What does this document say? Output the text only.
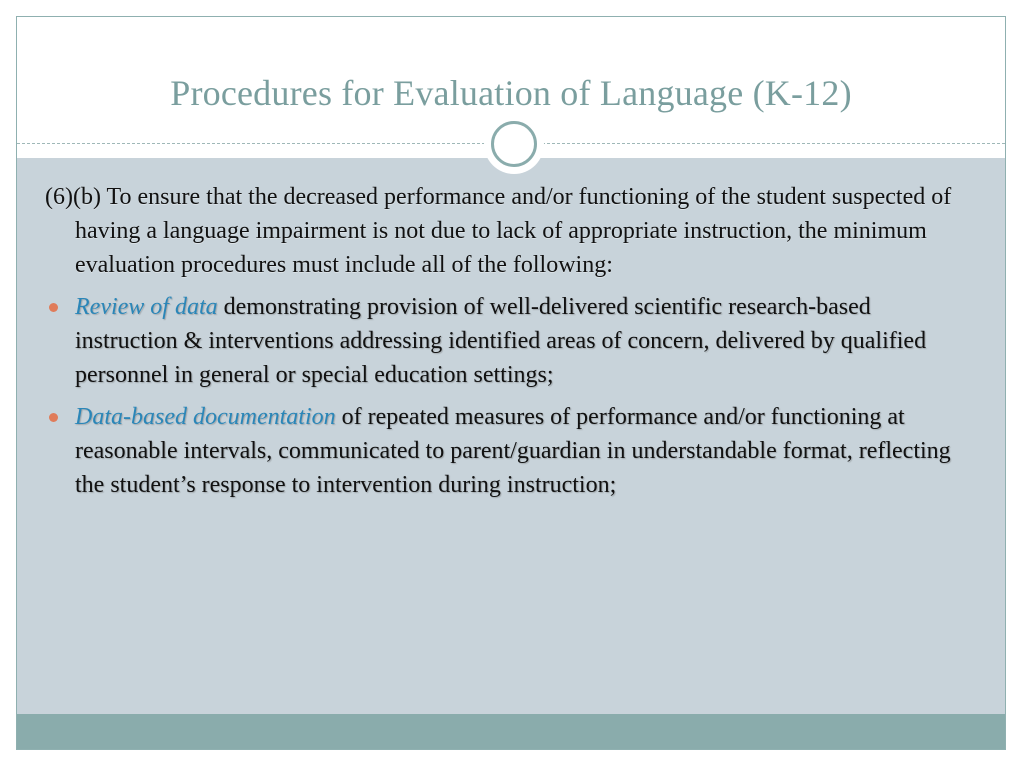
Procedures for Evaluation of Language (K-12)

(6)(b) To ensure that the decreased performance and/or functioning of the student suspected of having a language impairment is not due to lack of appropriate instruction, the minimum evaluation procedures must include all of the following:

Review of data demonstrating provision of well-delivered scientific research-based instruction & interventions addressing identified areas of concern, delivered by qualified personnel in general or special education settings;

Data-based documentation of repeated measures of performance and/or functioning at reasonable intervals, communicated to parent/guardian in understandable format, reflecting the student’s response to intervention during instruction;
